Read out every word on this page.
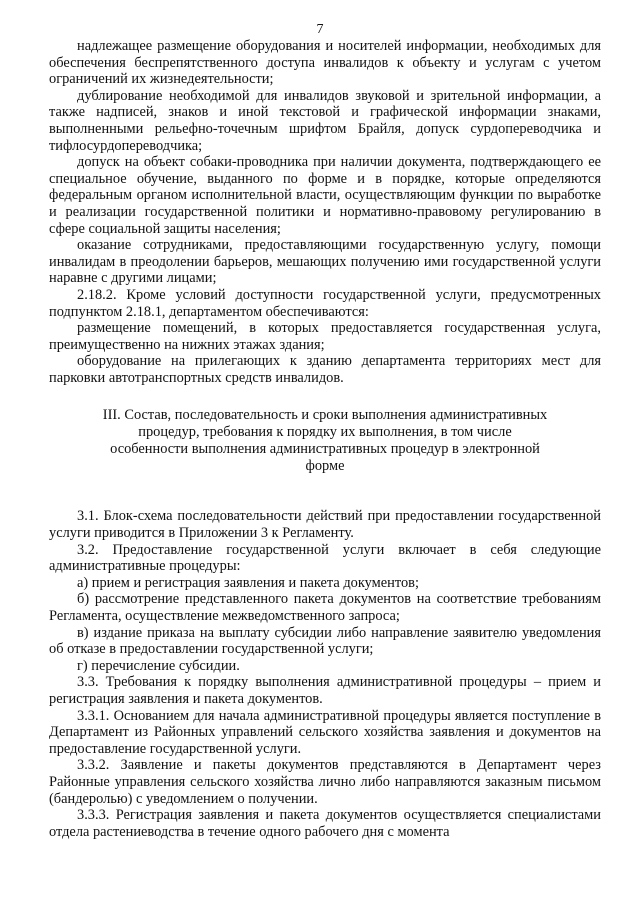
7

надлежащее размещение оборудования и носителей информации, необходимых для обеспечения беспрепятственного доступа инвалидов к объекту и услугам с учетом ограничений их жизнедеятельности;

дублирование необходимой для инвалидов звуковой и зрительной информации, а также надписей, знаков и иной текстовой и графической информации знаками, выполненными рельефно-точечным шрифтом Брайля, допуск сурдопереводчика и тифлосурдопереводчика;

допуск на объект собаки-проводника при наличии документа, подтверждающего ее специальное обучение, выданного по форме и в порядке, которые определяются федеральным органом исполнительной власти, осуществляющим функции по выработке и реализации государственной политики и нормативно-правовому регулированию в сфере социальной защиты населения;

оказание сотрудниками, предоставляющими государственную услугу, помощи инвалидам в преодолении барьеров, мешающих получению ими государственной услуги наравне с другими лицами;

2.18.2. Кроме условий доступности государственной услуги, предусмотренных подпунктом 2.18.1, департаментом обеспечиваются:

размещение помещений, в которых предоставляется государственная услуга, преимущественно на нижних этажах здания;

оборудование на прилегающих к зданию департамента территориях мест для парковки автотранспортных средств инвалидов.

III. Состав, последовательность и сроки выполнения административных процедур, требования к порядку их выполнения, в том числе особенности выполнения административных процедур в электронной форме

3.1. Блок-схема последовательности действий при предоставлении государственной услуги приводится в Приложении 3 к Регламенту.

3.2. Предоставление государственной услуги включает в себя следующие административные процедуры:

а) прием и регистрация заявления и пакета документов;

б) рассмотрение представленного пакета документов на соответствие требованиям Регламента, осуществление межведомственного запроса;

в) издание приказа на выплату субсидии либо направление заявителю уведомления об отказе в предоставлении государственной услуги;

г) перечисление субсидии.

3.3. Требования к порядку выполнения административной процедуры – прием и регистрация заявления и пакета документов.

3.3.1. Основанием для начала административной процедуры является поступление в Департамент из Районных управлений сельского хозяйства заявления и документов на предоставление государственной услуги.

3.3.2. Заявление и пакеты документов представляются в Департамент через Районные управления сельского хозяйства лично либо направляются заказным письмом (бандеролью) с уведомлением о получении.

3.3.3. Регистрация заявления и пакета документов осуществляется специалистами отдела растениеводства в течение одного рабочего дня с момента
